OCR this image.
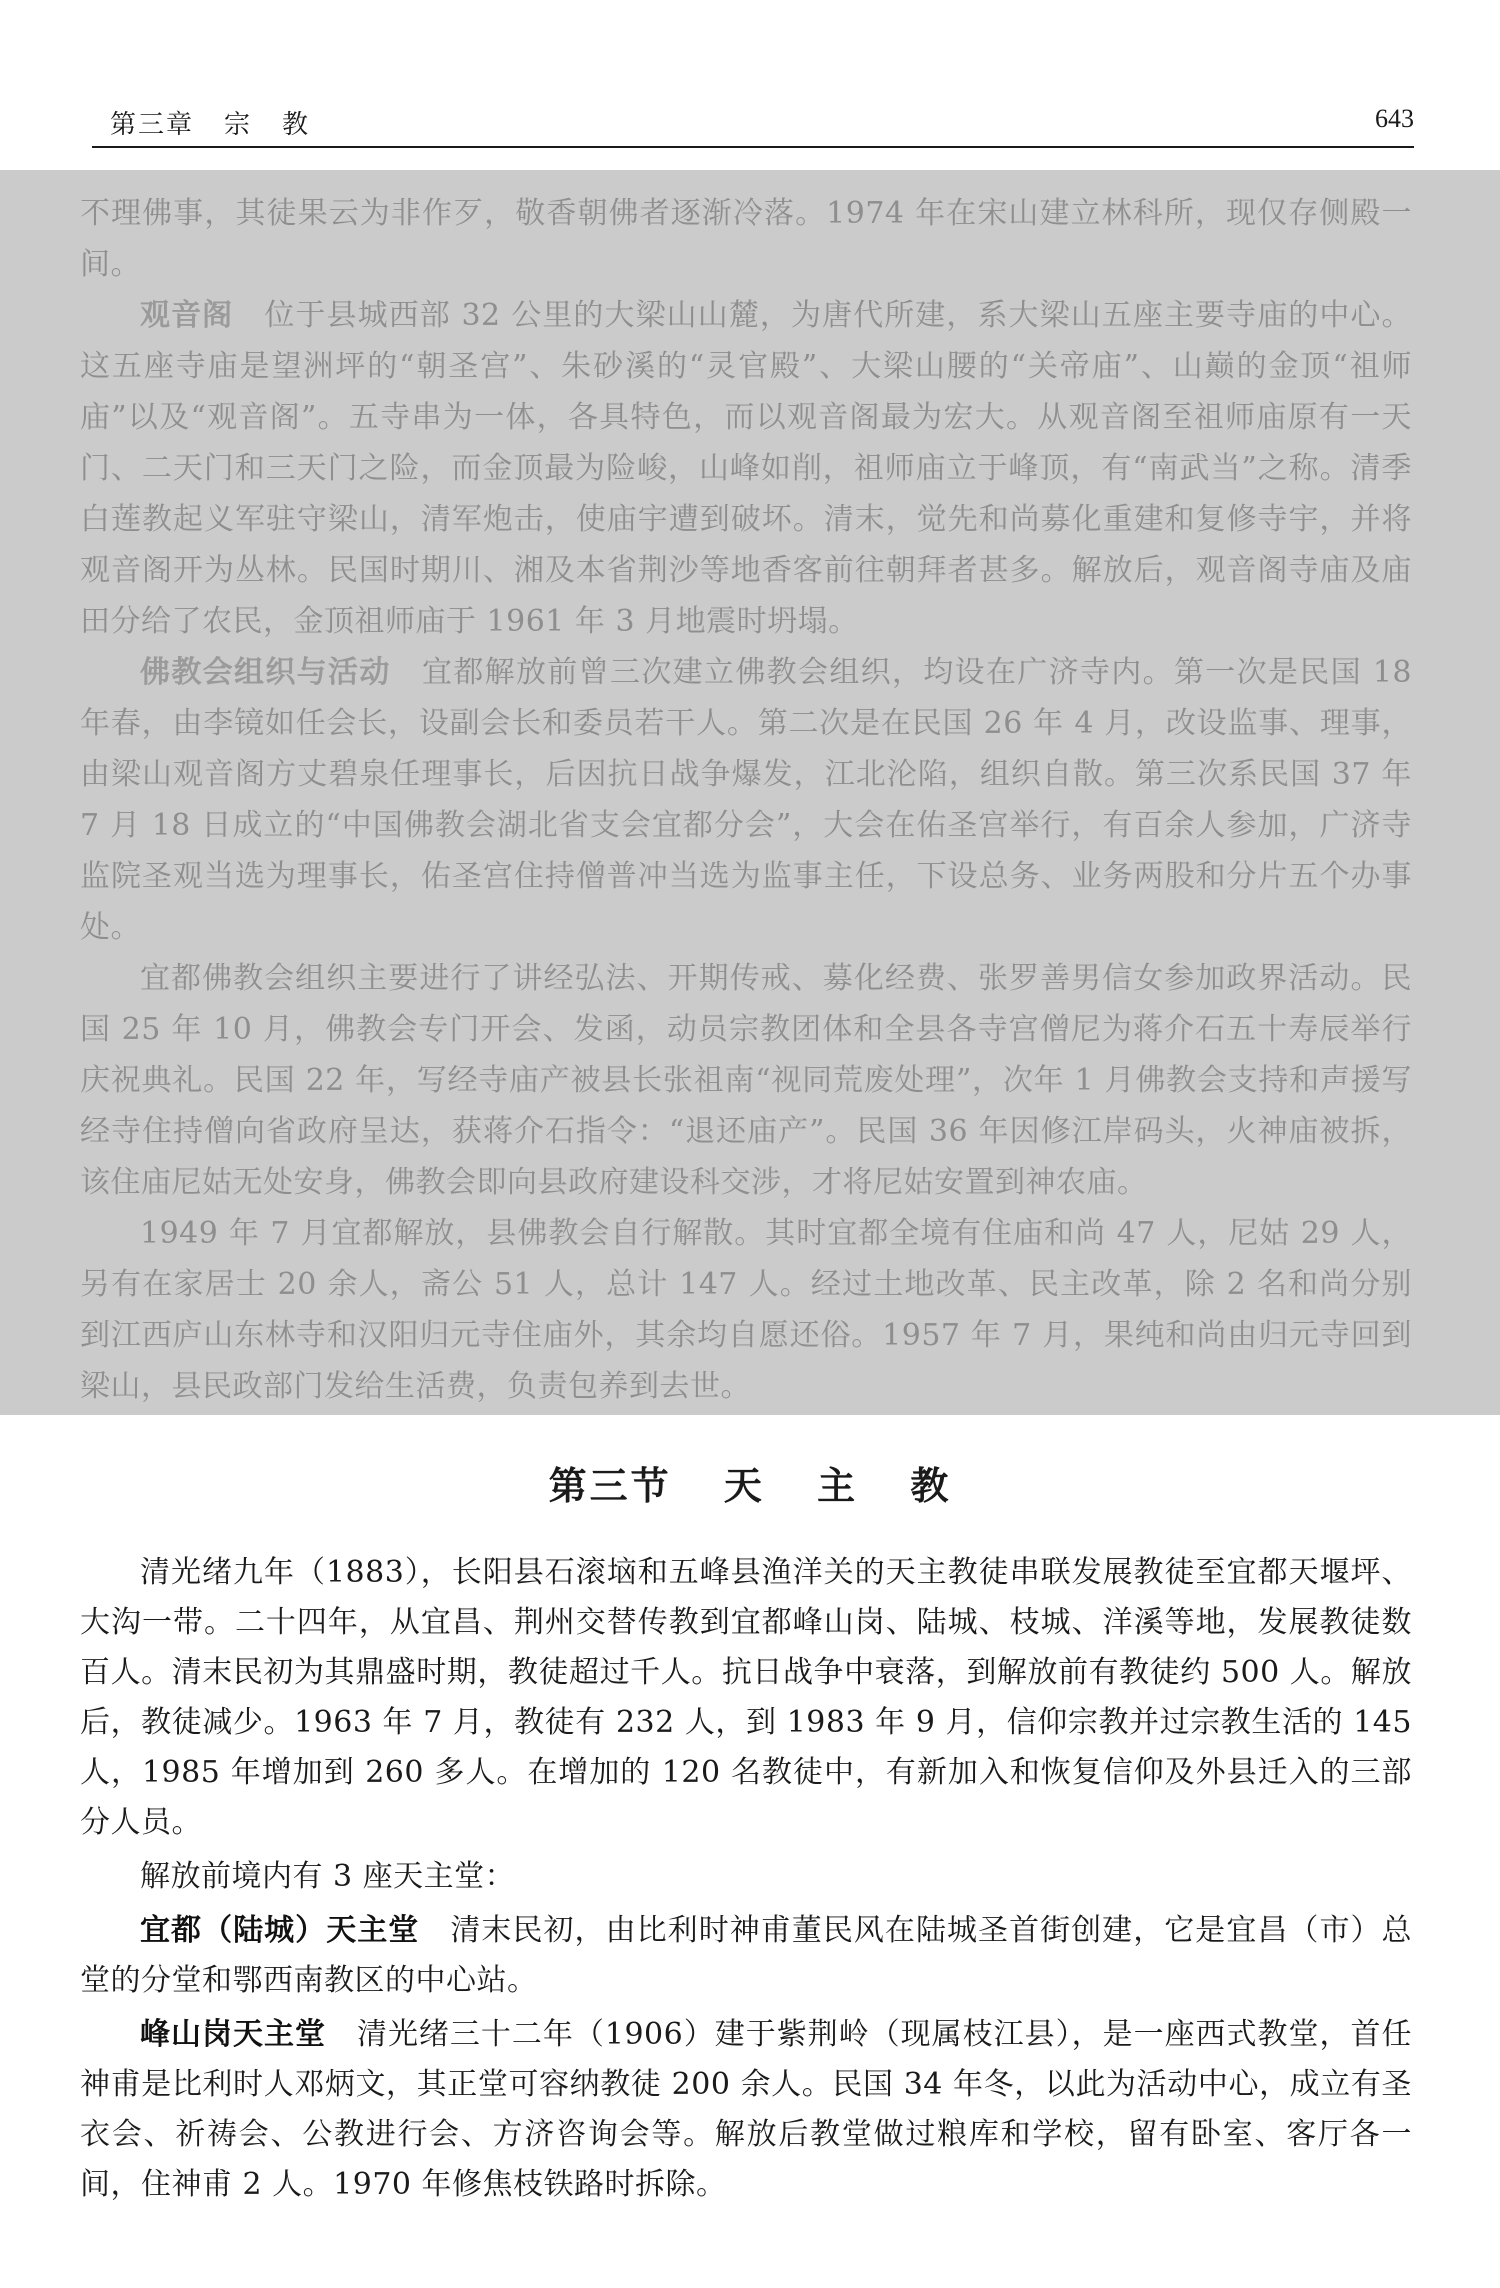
第三章 宗 教	643

不理佛事，其徒果云为非作歹，敬香朝佛者逐渐冷落。1974 年在宋山建立林科所，现仅存侧殿一间。

观音阁　 位于县城西部 32 公里的大梁山山麓，为唐代所建，系大梁山五座主要寺庙的中心。这五座寺庙是望洲坪的“朝圣宫”、朱砂溪的“灵官殿”、大梁山腰的“关帝庙”、山巅的金顶“祖师庙”以及“观音阁”。五寺串为一体，各具特色，而以观音阁最为宏大。从观音阁至祖师庙原有一天门、二天门和三天门之险，而金顶最为险峻，山峰如削，祖师庙立于峰顶，有“南武当”之称。清季白莲教起义军驻守梁山，清军炮击，使庙宇遭到破坏。清末，觉先和尚募化重建和复修寺宇，并将观音阁开为丛林。民国时期川、湘及本省荆沙等地香客前往朝拜者甚多。解放后，观音阁寺庙及庙田分给了农民，金顶祖师庙于 1961 年 3 月地震时坍塌。

佛教会组织与活动　 宜都解放前曾三次建立佛教会组织，均设在广济寺内。第一次是民国 18 年春，由李镜如任会长，设副会长和委员若干人。第二次是在民国 26 年 4 月，改设监事、理事，由梁山观音阁方丈碧泉任理事长，后因抗日战争爆发，江北沦陷，组织自散。第三次系民国 37 年 7 月 18 日成立的“中国佛教会湖北省支会宜都分会”，大会在佑圣宫举行，有百余人参加，广济寺监院圣观当选为理事长，佑圣宫住持僧普冲当选为监事主任，下设总务、业务两股和分片五个办事处。

宜都佛教会组织主要进行了讲经弘法、开期传戒、募化经费、张罗善男信女参加政界活动。民国 25 年 10 月，佛教会专门开会、发函，动员宗教团体和全县各寺宫僧尼为蒋介石五十寿辰举行庆祝典礼。民国 22 年，写经寺庙产被县长张祖南“视同荒废处理”，次年 1 月佛教会支持和声援写经寺住持僧向省政府呈达，获蒋介石指令：“退还庙产”。民国 36 年因修江岸码头，火神庙被拆，该住庙尼姑无处安身，佛教会即向县政府建设科交涉，才将尼姑安置到神农庙。

1949 年 7 月宜都解放，县佛教会自行解散。其时宜都全境有住庙和尚 47 人，尼姑 29 人，另有在家居士 20 余人，斋公 51 人，总计 147 人。经过土地改革、民主改革，除 2 名和尚分别到江西庐山东林寺和汉阳归元寺住庙外，其余均自愿还俗。1957 年 7 月，果纯和尚由归元寺回到梁山，县民政部门发给生活费，负责包养到去世。

第三节 天 主 教

清光绪九年（1883），长阳县石滚垴和五峰县渔洋关的天主教徒串联发展教徒至宜都天堰坪、大沟一带。二十四年，从宜昌、荆州交替传教到宜都峰山岗、陆城、枝城、洋溪等地，发展教徒数百人。清末民初为其鼎盛时期，教徒超过千人。抗日战争中衰落，到解放前有教徒约 500 人。解放后，教徒减少。1963 年 7 月，教徒有 232 人，到 1983 年 9 月，信仰宗教并过宗教生活的 145 人，1985 年增加到 260 多人。在增加的 120 名教徒中，有新加入和恢复信仰及外县迁入的三部分人员。

解放前境内有 3 座天主堂：

宜都（陆城）天主堂　 清末民初，由比利时神甫董民风在陆城圣首街创建，它是宜昌（市）总堂的分堂和鄂西南教区的中心站。

峰山岗天主堂　 清光绪三十二年（1906）建于紫荆岭（现属枝江县），是一座西式教堂，首任神甫是比利时人邓炳文，其正堂可容纳教徒 200 余人。民国 34 年冬，以此为活动中心，成立有圣衣会、祈祷会、公教进行会、方济咨询会等。解放后教堂做过粮库和学校，留有卧室、客厅各一间，住神甫 2 人。1970 年修焦枝铁路时拆除。
